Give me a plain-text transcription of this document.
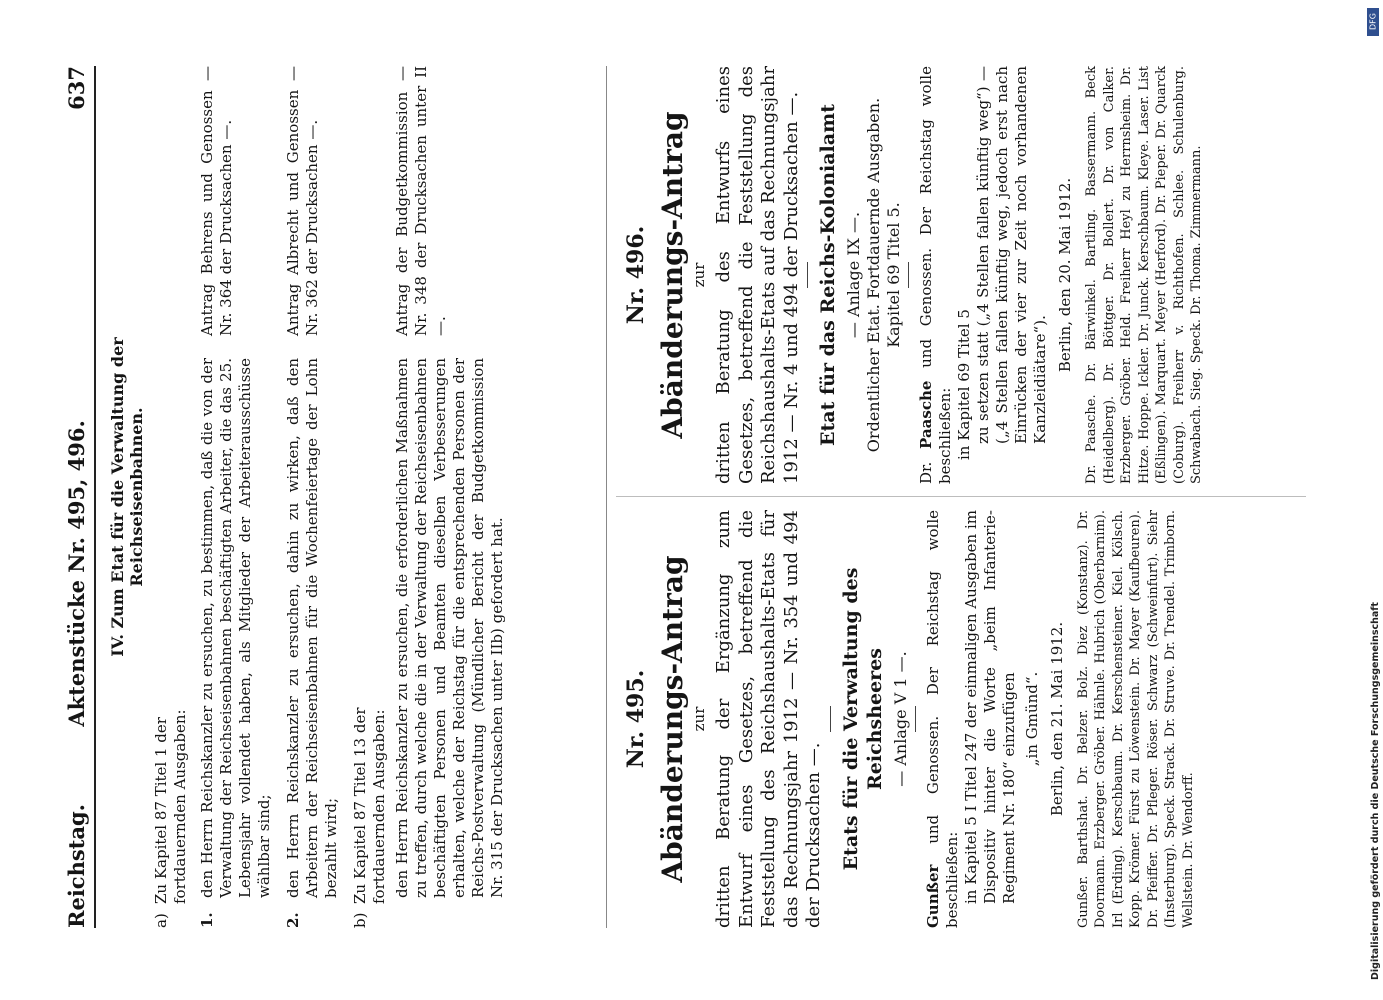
Reichstag. Aktenstücke Nr. 495, 496.
637
IV. Zum Etat für die Verwaltung der Reichseisenbahnen.
a)
Zu Kapitel 87 Titel 1 der fortdauernden Ausgaben:
1.
den Herrn Reichskanzler zu ersuchen, zu bestimmen, daß die von der Verwaltung der Reichseisenbahnen beschäftigten Arbeiter, die das 25. Lebensjahr vollendet haben, als Mitglieder der Arbeiterausschüsse wählbar sind;
Antrag Behrens und Genossen — Nr. 364 der Drucksachen —.
2.
den Herrn Reichskanzler zu ersuchen, dahin zu wirken, daß den Arbeitern der Reichseisenbahnen für die Wochenfeiertage der Lohn bezahlt wird;
Antrag Albrecht und Genossen — Nr. 362 der Drucksachen —.
b)
Zu Kapitel 87 Titel 13 der fortdauernden Ausgaben: den Herrn Reichskanzler zu ersuchen, die erforderlichen Maßnahmen zu treffen, durch welche die in der Verwaltung der Reichseisenbahnen beschäftigten Personen und Beamten dieselben Verbesserungen erhalten, welche der Reichstag für die entsprechenden Personen der Reichs-Postverwaltung (Mündlicher Bericht der Budgetkommission Nr. 315 der Drucksachen unter IIb) gefordert hat.
Antrag der Budgetkommission — Nr. 348 der Drucksachen unter II —.
Nr. 495. Abänderungs-Antrag zur dritten Beratung der Ergänzung zum Entwurf eines Gesetzes, betreffend die Feststellung des Reichshaushalts-Etats für das Rechnungsjahr 1912 — Nr. 354 und 494 der Drucksachen —. Etats für die Verwaltung des Reichsheeres — Anlage V 1 —.
Gunßer und Genossen. Der Reichstag wolle beschließen: in Kapitel 5 I Titel 247 der einmaligen Ausgaben im Dispositiv hinter die Worte „beim Infanterie-Regiment Nr. 180“ einzufügen „in Gmünd“. Berlin, den 21. Mai 1912. Gunßer. Barthshat. Dr. Belzer. Bolz. Diez (Konstanz). Dr. Doormann. Erzberger. Gröber. Hähnle. Hubrich (Oberbarnim). Irl (Erding). Kerschbaum. Dr. Kerschensteiner. Kiel. Kölsch. Kopp. Krömer. Fürst zu Löwenstein. Dr. Mayer (Kaufbeuren). Dr. Pfeiffer. Dr. Pfleger. Röser. Schwarz (Schweinfurt). Siehr (Insterburg). Speck. Strack. Dr. Struve. Dr. Trendel. Trimborn. Wellstein. Dr. Wendorff.
Nr. 496. Abänderungs-Antrag zur dritten Beratung des Entwurfs eines Gesetzes, betreffend die Feststellung des Reichshaushalts-Etats auf das Rechnungsjahr 1912 — Nr. 4 und 494 der Drucksachen —. Etat für das Reichs-Kolonialamt — Anlage IX —. Ordentlicher Etat. Fortdauernde Ausgaben. Kapitel 69 Titel 5.
Dr. Paasche und Genossen. Der Reichstag wolle beschließen: in Kapitel 69 Titel 5 zu setzen statt („4 Stellen fallen künftig weg“) — („4 Stellen fallen künftig weg, jedoch erst nach Einrücken der vier zur Zeit noch vorhandenen Kanzleidiätare“).
Berlin, den 20. Mai 1912. Dr. Paasche. Dr. Bärwinkel. Bartling. Bassermann. Beck (Heidelberg). Dr. Böttger. Dr. Bollert. Dr. von Calker. Erzberger. Gröber. Held. Freiherr Heyl zu Herrnsheim. Dr. Hitze. Hoppe. Ickler. Dr. Junck. Kerschbaum. Kleye. Laser. List (Eßlingen). Marquart. Meyer (Herford). Dr. Pieper. Dr. Quarck (Coburg). Freiherr v. Richthofen. Schlee. Schulenburg. Schwabach. Sieg. Speck. Dr. Thoma. Zimmermann.
DFG
Digitalisierung gefördert durch die Deutsche Forschungsgemeinschaft
